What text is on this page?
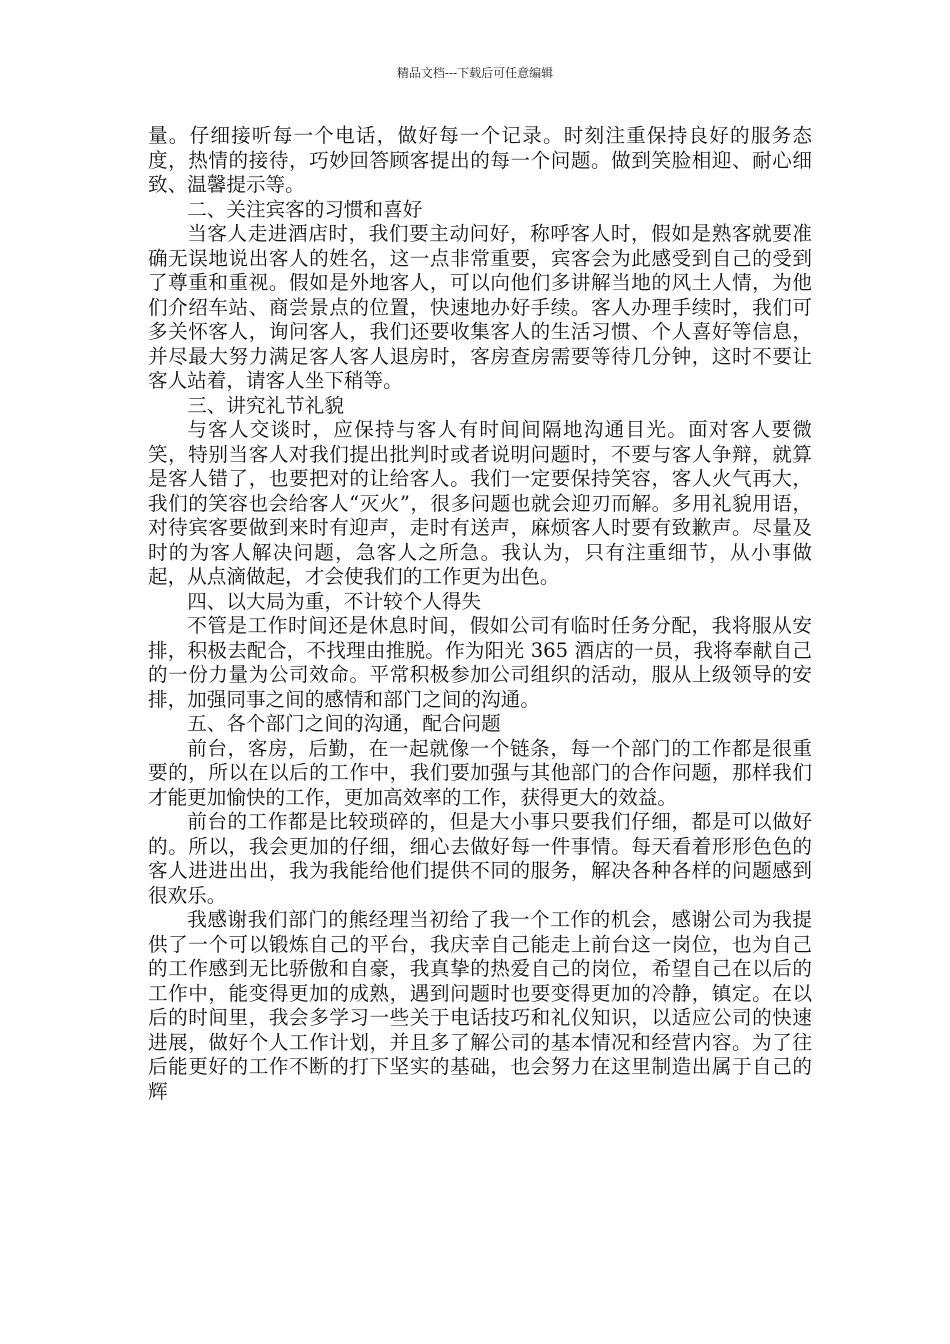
精品文档---下载后可任意编辑

量。仔细接听每一个电话，做好每一个记录。时刻注重保持良好的服务态度，热情的接待，巧妙回答顾客提出的每一个问题。做到笑脸相迎、耐心细致、温馨提示等。

二、关注宾客的习惯和喜好

当客人走进酒店时，我们要主动问好，称呼客人时，假如是熟客就要准确无误地说出客人的姓名，这一点非常重要，宾客会为此感受到自己的受到了尊重和重视。假如是外地客人，可以向他们多讲解当地的风土人情，为他们介绍车站、商尝景点的位置，快速地办好手续。客人办理手续时，我们可多关怀客人，询问客人，我们还要收集客人的生活习惯、个人喜好等信息，并尽最大努力满足客人客人退房时，客房查房需要等待几分钟，这时不要让客人站着，请客人坐下稍等。

三、讲究礼节礼貌

与客人交谈时，应保持与客人有时间间隔地沟通目光。面对客人要微笑，特别当客人对我们提出批判时或者说明问题时，不要与客人争辩，就算是客人错了，也要把对的让给客人。我们一定要保持笑容，客人火气再大，我们的笑容也会给客人“灭火”，很多问题也就会迎刃而解。多用礼貌用语，对待宾客要做到来时有迎声，走时有送声，麻烦客人时要有致歉声。尽量及时的为客人解决问题，急客人之所急。我认为，只有注重细节，从小事做起，从点滴做起，才会使我们的工作更为出色。

四、以大局为重，不计较个人得失

不管是工作时间还是休息时间，假如公司有临时任务分配，我将服从安排，积极去配合，不找理由推脱。作为阳光 365 酒店的一员，我将奉献自己的一份力量为公司效命。平常积极参加公司组织的活动，服从上级领导的安排，加强同事之间的感情和部门之间的沟通。

五、各个部门之间的沟通，配合问题

前台，客房，后勤，在一起就像一个链条，每一个部门的工作都是很重要的，所以在以后的工作中，我们要加强与其他部门的合作问题，那样我们才能更加愉快的工作，更加高效率的工作，获得更大的效益。

前台的工作都是比较琐碎的，但是大小事只要我们仔细，都是可以做好的。所以，我会更加的仔细，细心去做好每一件事情。每天看着形形色色的客人进进出出，我为我能给他们提供不同的服务，解决各种各样的问题感到很欢乐。

我感谢我们部门的熊经理当初给了我一个工作的机会，感谢公司为我提供了一个可以锻炼自己的平台，我庆幸自己能走上前台这一岗位，也为自己的工作感到无比骄傲和自豪，我真挚的热爱自己的岗位，希望自己在以后的工作中，能变得更加的成熟，遇到问题时也要变得更加的冷静，镇定。在以后的时间里，我会多学习一些关于电话技巧和礼仪知识，以适应公司的快速进展，做好个人工作计划，并且多了解公司的基本情况和经营内容。为了往后能更好的工作不断的打下坚实的基础，也会努力在这里制造出属于自己的辉
